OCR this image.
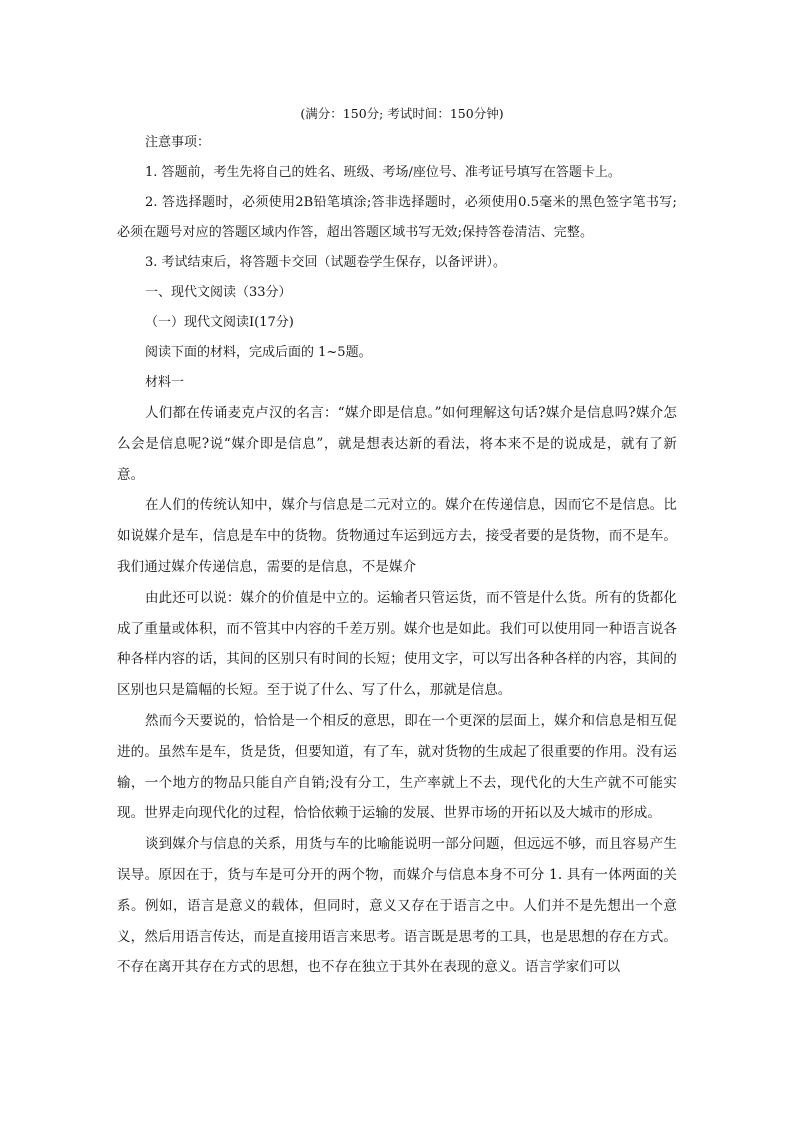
(满分：150分; 考试时间：150分钟)

注意事项：

1. 答题前，考生先将自己的姓名、班级、考场/座位号、准考证号填写在答题卡上。

2. 答选择题时，必须使用2B铅笔填涂;答非选择题时，必须使用0.5毫米的黑色签字笔书写;必须在题号对应的答题区域内作答，超出答题区域书写无效;保持答卷清洁、完整。

3. 考试结束后，将答题卡交回（试题卷学生保存，以备评讲）。

一、现代文阅读（33分）

（一）现代文阅读Ⅰ(17分)

阅读下面的材料，完成后面的 1~5题。

材料一

人们都在传诵麦克卢汉的名言：“媒介即是信息。”如何理解这句话?媒介是信息吗?媒介怎么会是信息呢?说“媒介即是信息”，就是想表达新的看法，将本来不是的说成是，就有了新意。

在人们的传统认知中，媒介与信息是二元对立的。媒介在传递信息，因而它不是信息。比如说媒介是车，信息是车中的货物。货物通过车运到远方去，接受者要的是货物，而不是车。我们通过媒介传递信息，需要的是信息，不是媒介

由此还可以说：媒介的价值是中立的。运输者只管运货，而不管是什么货。所有的货都化成了重量或体积，而不管其中内容的千差万别。媒介也是如此。我们可以使用同一种语言说各种各样内容的话，其间的区别只有时间的长短；使用文字，可以写出各种各样的内容，其间的区别也只是篇幅的长短。至于说了什么、写了什么，那就是信息。

然而今天要说的，恰恰是一个相反的意思，即在一个更深的层面上，媒介和信息是相互促进的。虽然车是车，货是货，但要知道，有了车，就对货物的生成起了很重要的作用。没有运输，一个地方的物品只能自产自销;没有分工，生产率就上不去，现代化的大生产就不可能实现。世界走向现代化的过程，恰恰依赖于运输的发展、世界市场的开拓以及大城市的形成。

谈到媒介与信息的关系，用货与车的比喻能说明一部分问题，但远远不够，而且容易产生误导。原因在于，货与车是可分开的两个物，而媒介与信息本身不可分 1. 具有一体两面的关系。例如，语言是意义的载体，但同时，意义又存在于语言之中。人们并不是先想出一个意义，然后用语言传达，而是直接用语言来思考。语言既是思考的工具，也是思想的存在方式。不存在离开其存在方式的思想，也不存在独立于其外在表现的意义。语言学家们可以
